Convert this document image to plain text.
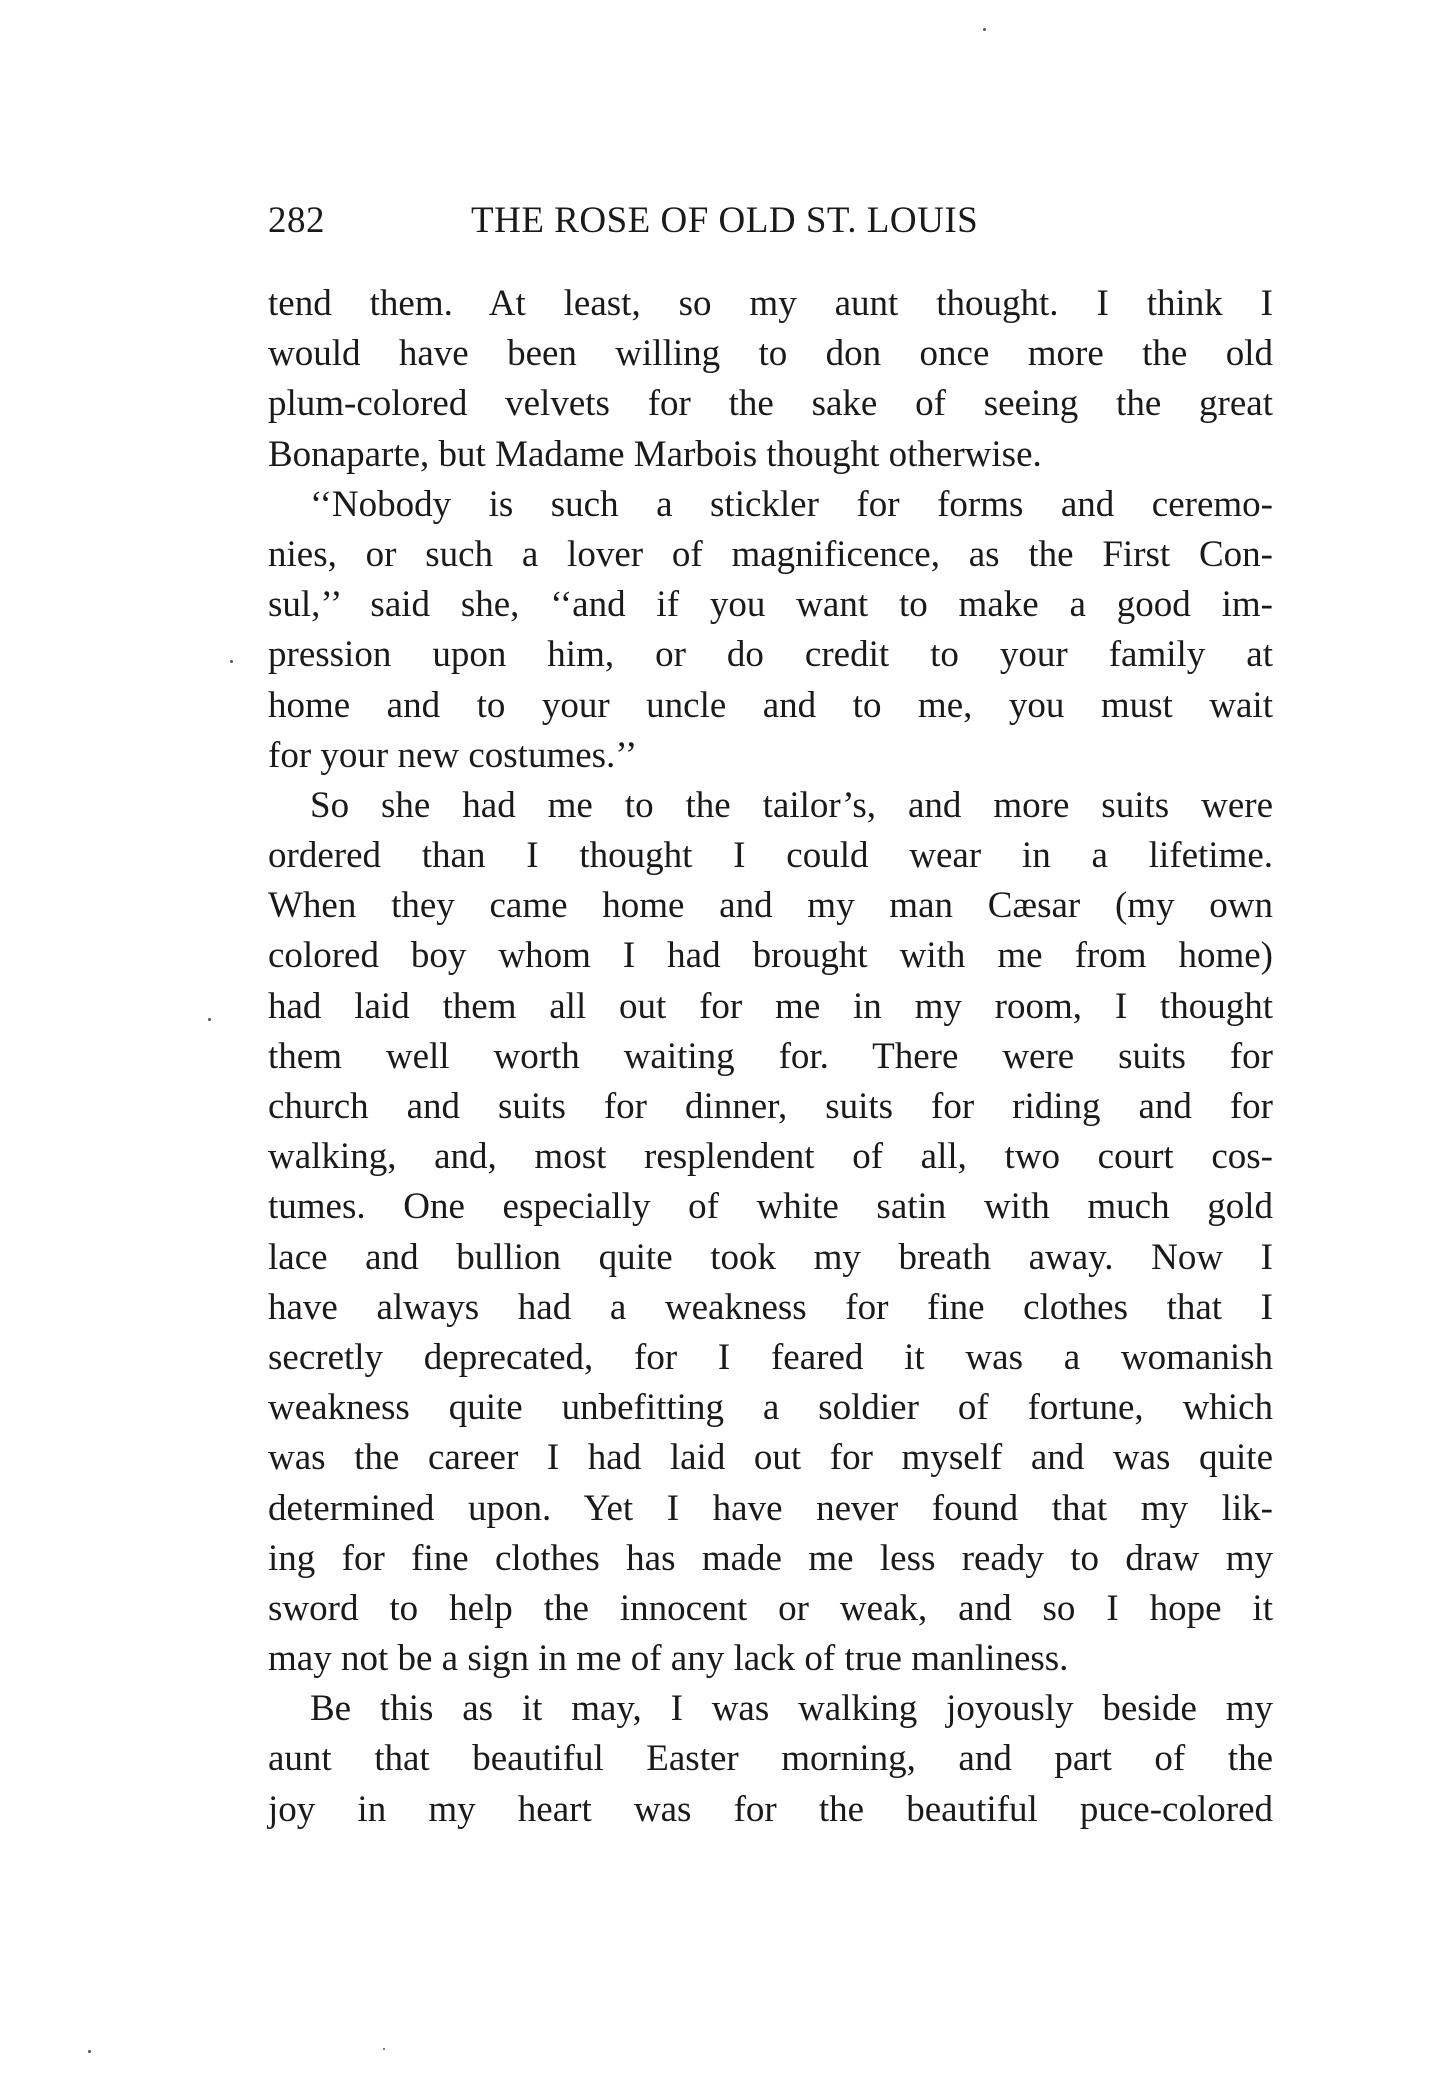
282	THE ROSE OF OLD ST. LOUIS
tend them. At least, so my aunt thought. I think I
would have been willing to don once more the old
plum-colored velvets for the sake of seeing the great
Bonaparte, but Madame Marbois thought otherwise.
‘‘Nobody is such a stickler for forms and ceremo-
nies, or such a lover of magnificence, as the First Con-
sul,’’ said she, ‘‘and if you want to make a good im-
pression upon him, or do credit to your family at
home and to your uncle and to me, you must wait
for your new costumes.’’
So she had me to the tailor’s, and more suits were
ordered than I thought I could wear in a lifetime.
When they came home and my man Cæsar (my own
colored boy whom I had brought with me from home)
had laid them all out for me in my room, I thought
them well worth waiting for. There were suits for
church and suits for dinner, suits for riding and for
walking, and, most resplendent of all, two court cos-
tumes. One especially of white satin with much gold
lace and bullion quite took my breath away. Now I
have always had a weakness for fine clothes that I
secretly deprecated, for I feared it was a womanish
weakness quite unbefitting a soldier of fortune, which
was the career I had laid out for myself and was quite
determined upon. Yet I have never found that my lik-
ing for fine clothes has made me less ready to draw my
sword to help the innocent or weak, and so I hope it
may not be a sign in me of any lack of true manliness.
Be this as it may, I was walking joyously beside my
aunt that beautiful Easter morning, and part of the
joy in my heart was for the beautiful puce-colored
